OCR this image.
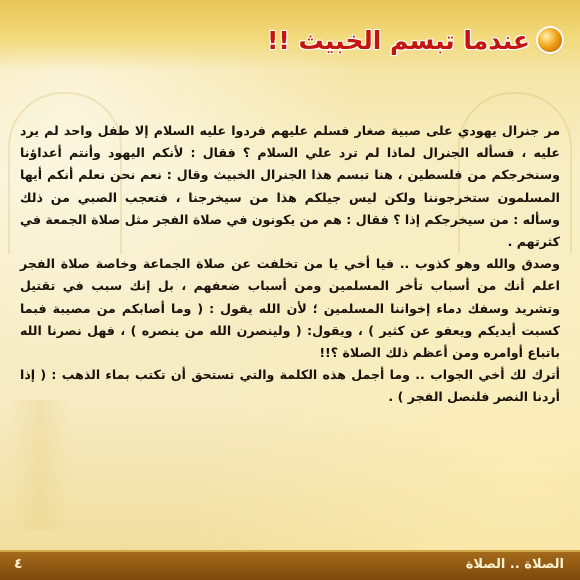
عندما تبسم الخبيث !!

مر جنرال يهودي على صبية صغار فسلم عليهم فردوا عليه السلام إلا طفل واحد لم يرد عليه ، فسأله الجنرال لماذا لم ترد علي السلام ؟ فقال : لأنكم اليهود وأنتم أعداؤنا وسنخرجكم من فلسطين ، هنا تبسم هذا الجنرال الخبيث وقال : نعم نحن نعلم أنكم أيها المسلمون ستخرجوننا ولكن ليس جيلكم هذا من سيخرجنا ، فتعجب الصبي من ذلك وسأله : من سيخرجكم إذا ؟ فقال : هم من يكونون في صلاة الفجر مثل صلاة الجمعة في كثرتهم .

وصدق والله وهو كذوب .. فيا أخي يا من تخلفت عن صلاة الجماعة وخاصة صلاة الفجر اعلم أنك من أسباب تأخر المسلمين ومن أسباب ضعفهم ، بل إنك سبب في تقتيل وتشريد وسفك دماء إخواننا المسلمين ؛ لأن الله يقول : ( وما أصابكم من مصيبة فبما كسبت أيديكم ويعفو عن كثير ) ، ويقول: ( ولينصرن الله من ينصره ) ، فهل نصرنا الله باتباع أوامره ومن أعظم ذلك الصلاة ؟!!

أترك لك أخي الجواب .. وما أجمل هذه الكلمة والتي تستحق أن تكتب بماء الذهب : ( إذا أردنا النصر فلنصل الفجر ) .

الصلاة .. الصلاة
٤
